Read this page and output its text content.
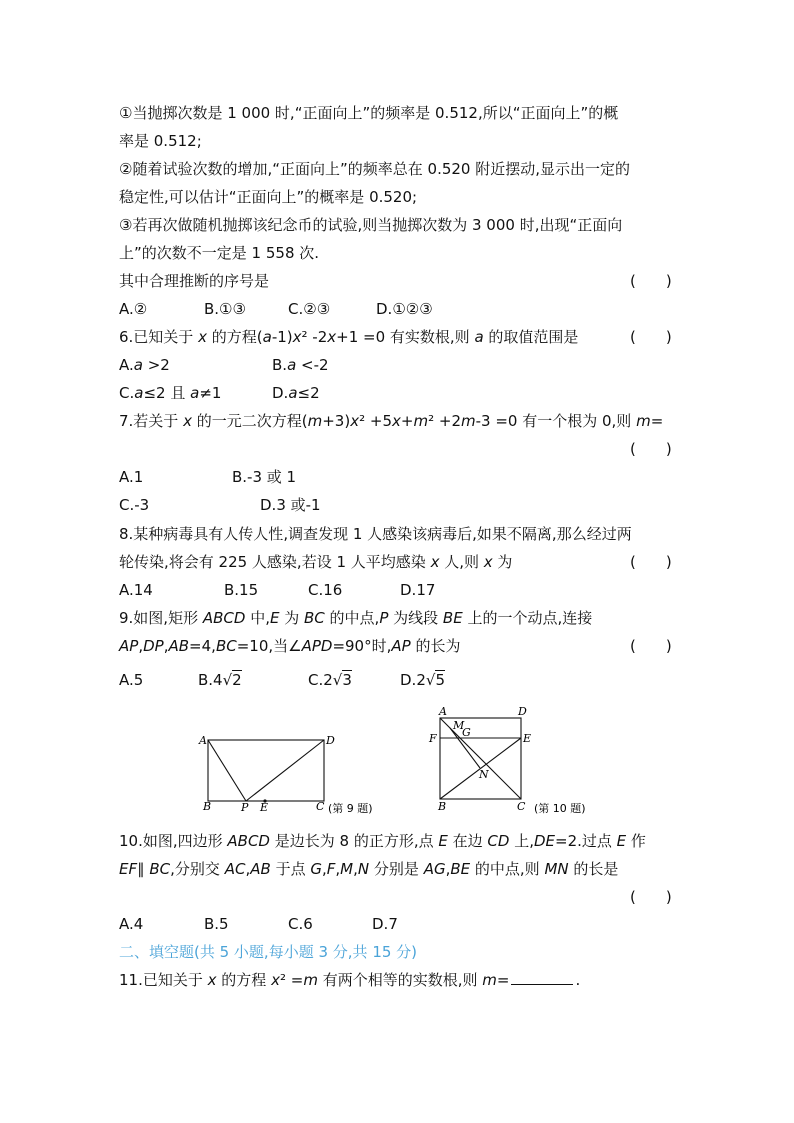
①当抛掷次数是 1 000 时,“正面向上”的频率是 0.512,所以“正面向上”的概
率是 0.512;
②随着试验次数的增加,“正面向上”的频率总在 0.520 附近摆动,显示出一定的
稳定性,可以估计“正面向上”的概率是 0.520;
③若再次做随机抛掷该纪念币的试验,则当抛掷次数为 3 000 时,出现“正面向
上”的次数不一定是 1 558 次.
其中合理推断的序号是	(　　)
A.②	B.①③	C.②③	D.①②③
6.已知关于 x 的方程(a-1)x² -2x+1 =0 有实数根,则 a 的取值范围是	(　　)
A.a >2	B.a <-2
C.a≤2 且 a≠1	D.a≤2
7.若关于 x 的一元二次方程(m+3)x² +5x+m² +2m-3 =0 有一个根为 0,则 m=
(　　)
A.1	B.-3 或 1
C.-3	D.3 或-1
8.某种病毒具有人传人性,调查发现 1 人感染该病毒后,如果不隔离,那么经过两
轮传染,将会有 225 人感染,若设 1 人平均感染 x 人,则 x 为	(　　)
A.14	B.15	C.16	D.17
9.如图,矩形 ABCD 中,E 为 BC 的中点,P 为线段 BE 上的一个动点,连接
AP,DP,AB=4,BC=10,当∠APD=90°时,AP 的长为	(　　)
A.5	B.4√2	C.2√3	D.2√5
A
B	C
D
P E	(第 9 题)
A	D
F	E
M
G
N
B	C (第 10 题)
10.如图,四边形 ABCD 是边长为 8 的正方形,点 E 在边 CD 上,DE=2.过点 E 作
EF∥ BC,分别交 AC,AB 于点 G,F,M,N 分别是 AG,BE 的中点,则 MN 的长是
(　　)
A.4	B.5	C.6	D.7
二、填空题(共 5 小题,每小题 3 分,共 15 分)
11.已知关于 x 的方程 x² =m 有两个相等的实数根,则 m=	.
